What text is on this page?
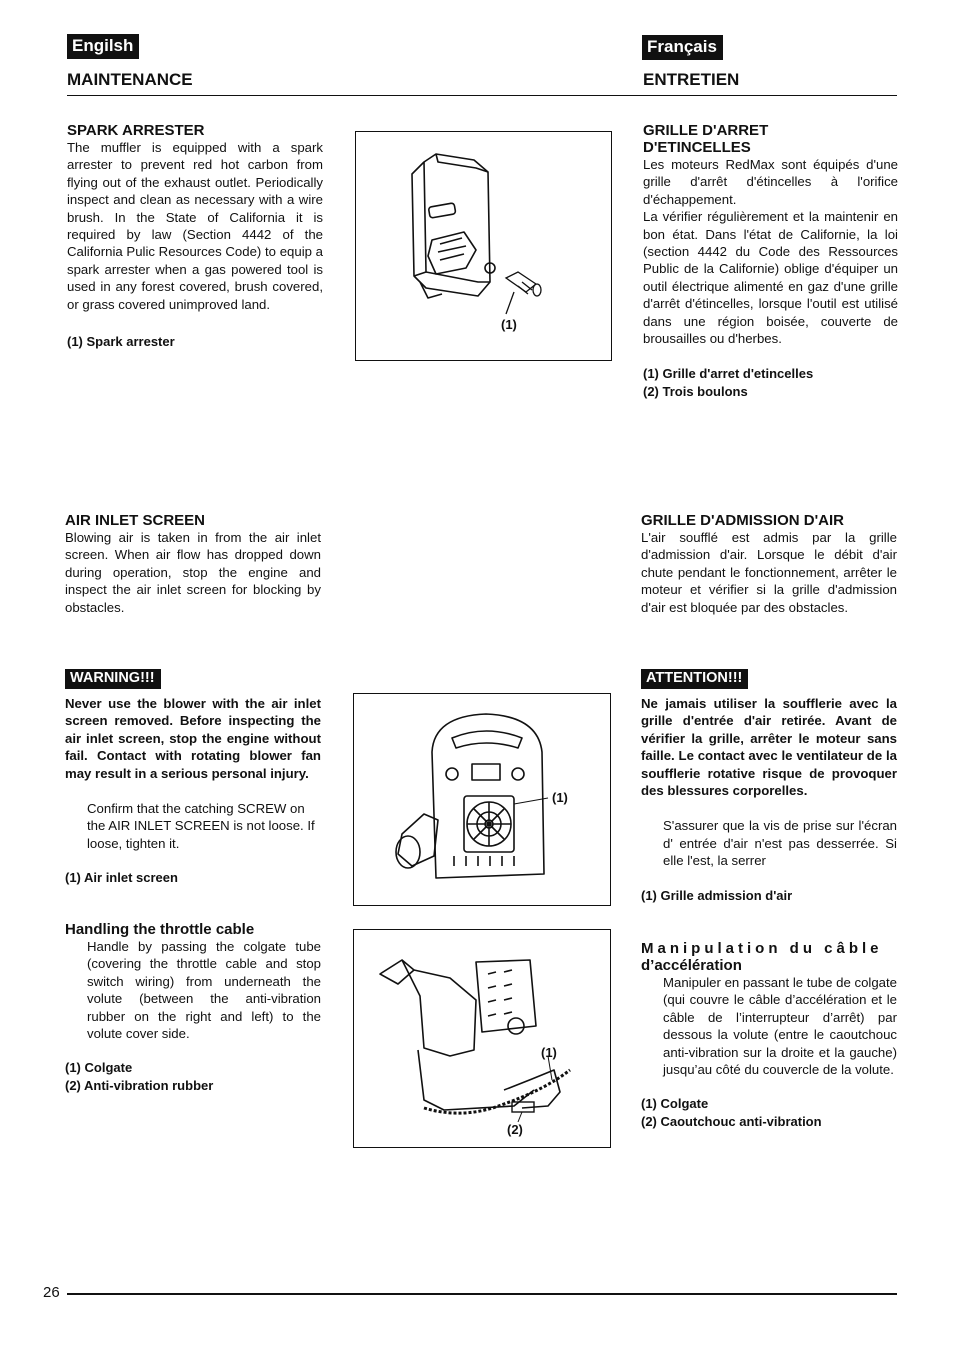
Engilsh	Français
MAINTENANCE	ENTRETIEN

SPARK ARRESTER

The muffler is equipped with a spark arrester to prevent red hot carbon from flying out of the exhaust outlet. Periodically inspect and clean as necessary with a wire brush. In the State of California it is required by law (Section 4442 of the California Pulic Resources Code) to equip a spark arrester when a gas powered tool is used in any forest covered, brush covered, or grass covered unimproved land.

(1) Spark arrester

AIR INLET SCREEN

Blowing air is taken in from the air inlet screen. When air flow has dropped down during operation, stop the engine and inspect the air inlet screen for blocking by obstacles.

WARNING!!!

Never use the blower with the air inlet screen removed. Before inspecting the air inlet screen, stop the engine without fail. Contact with rotating blower fan may result in a serious personal injury.

Confirm that the catching SCREW on the AIR INLET SCREEN is not loose. If loose, tighten it.

(1) Air inlet screen

Handling the throttle cable

Handle by passing the colgate tube (covering the throttle cable and stop switch wiring) from underneath the volute (between the anti-vibration rubber on the right and left) to the volute cover side.

(1) Colgate

(2) Anti-vibration rubber

(1)
(1)
(1)
(2)

GRILLE D'ARRET D'ETINCELLES

Les moteurs RedMax sont équipés d'une grille d'arrêt d'étincelles à l'orifice d'échappement.

La vérifier régulièrement et la maintenir en bon état. Dans l'état de Californie, la loi (section 4442 du Code des Ressources Public de la Californie) oblige d'équiper un outil électrique alimenté en gaz d'une grille d'arrêt d'étincelles, lorsque l'outil est utilisé dans une région boisée, couverte de brousailles ou d'herbes.

(1) Grille d'arret d'etincelles

(2) Trois boulons

GRILLE D'ADMISSION D'AIR

L'air soufflé est admis par la grille d'admission d'air. Lorsque le débit d'air chute pendant le fonctionnement, arrêter le moteur et vérifier si la grille d'admission d'air est bloquée par des obstacles.

ATTENTION!!!

Ne jamais utiliser la soufflerie avec la grille d'entrée d'air retirée. Avant de vérifier la grille, arrêter le moteur sans faille. Le contact avec le ventilateur de la soufflerie rotative risque de provoquer des blessures corporelles.

S'assurer que la vis de prise sur l'écran d' entrée d'air n'est pas desserrée. Si elle l'est, la serrer

(1) Grille admission d'air

Manipulation du câble

d’accélération

Manipuler en passant le tube de colgate (qui couvre le câble d’accélération et le câble de l’interrupteur d’arrêt) par dessous la volute (entre le caoutchouc anti-vibration sur la droite et la gauche) jusqu’au côté du couvercle de la volute.

(1) Colgate

(2) Caoutchouc anti-vibration

26
